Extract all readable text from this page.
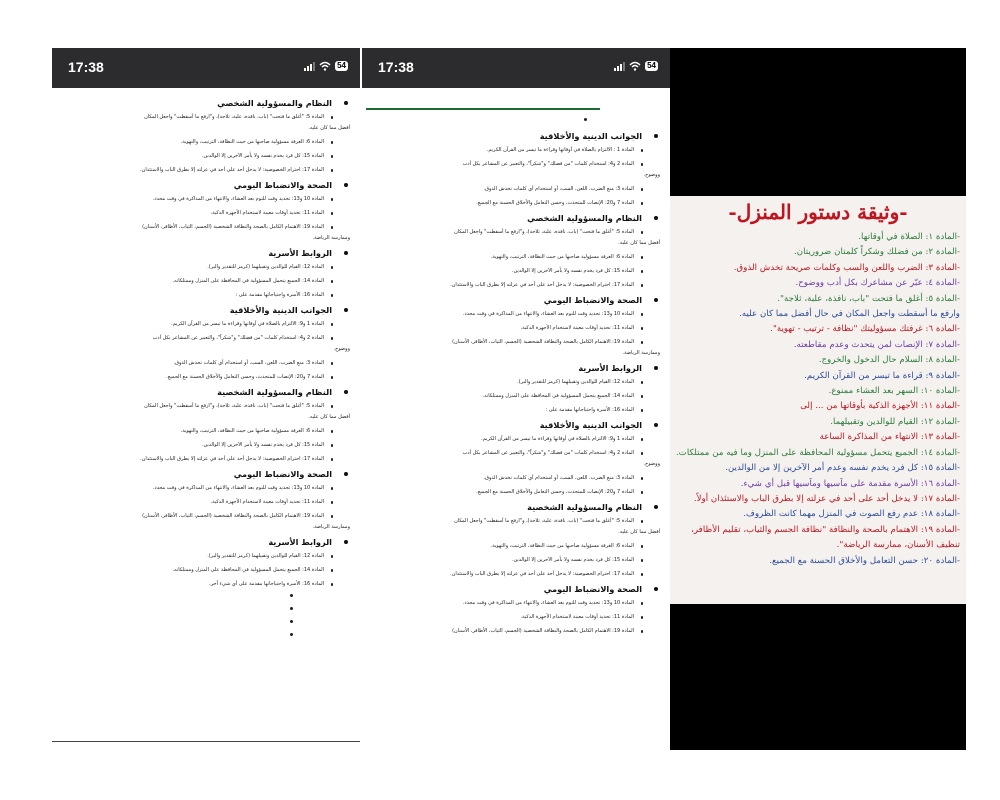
17:38	54
النظام والمسؤولية الشخصي
المادة 5: "أغلق ما فتحت" (باب، نافذة، علبة، ثلاجة)، و"ارفع ما أسقطت" واجعل المكان
أفضل مما كان عليه.
المادة 6: الغرفة مسؤولية صاحبها من حيث النظافة، الترتيب، والتهوية.
المادة 15: كل فرد يخدم نفسه ولا يأمر الآخرين إلا الوالدين.
المادة 17: احترام الخصوصية: لا يدخل أحد على أحد في عزلته إلا بطرق الباب والاستئذان.
الصحة والانضباط اليومي
المادة 10 و13: تحديد وقت للنوم بعد العشاء، والانتهاء من المذاكرة في وقت محدد.
المادة 11: تحديد أوقات معينة لاستخدام الأجهزة الذكية.
المادة 19: الاهتمام الكامل بالصحة والنظافة الشخصية (الجسم، الثياب، الأظافر، الأسنان)
وممارسة الرياضة.
الروابط الأسرية
المادة 12: القيام للوالدين وتقبيلهما (كرمز للتقدير والبر).
المادة 14: الجميع يتحمل المسؤولية في المحافظة على المنزل وممتلكاته.
المادة 16: الأسرة واحتياجاتها مقدمة على :
الجوانب الدينية والأخلاقية
المادة 1 و9: الالتزام بالصلاة في أوقاتها وقراءة ما تيسر من القرآن الكريم.
المادة 2 و4: استخدام كلمات "من فضلك" و"شكراً"، والتعبير عن المشاعر بكل أدب
ووضوح.
المادة 3: منع الضرب، اللعن، السب، أو استخدام أي كلمات تخدش الذوق.
المادة 7 و20: الإنصات للمتحدث، وحسن التعامل والأخلاق الحسنة مع الجميع.
النظام والمسؤولية الشخصية
المادة 5: "أغلق ما فتحت" (باب، نافذة، علبة، ثلاجة)، و"ارفع ما أسقطت" واجعل المكان
أفضل مما كان عليه.
المادة 6: الغرفة مسؤولية صاحبها من حيث النظافة، الترتيب، والتهوية.
المادة 15: كل فرد يخدم نفسه ولا يأمر الآخرين إلا الوالدين.
المادة 17: احترام الخصوصية: لا يدخل أحد على أحد في عزلته إلا بطرق الباب والاستئذان.
الصحة والانضباط اليومي
المادة 10 و13: تحديد وقت للنوم بعد العشاء، والانتهاء من المذاكرة في وقت محدد.
المادة 11: تحديد أوقات معينة لاستخدام الأجهزة الذكية.
المادة 19: الاهتمام الكامل بالصحة والنظافة الشخصية (الجسم، الثياب، الأظافر، الأسنان)
وممارسة الرياضة.
الروابط الأسرية
المادة 12: القيام للوالدين وتقبيلهما (كرمز للتقدير والبر).
المادة 14: الجميع يتحمل المسؤولية في المحافظة على المنزل وممتلكاته.
المادة 16: الأسرة واحتياجاتها مقدمة على أي شيء آخر.
17:38	54
الجوانب الدينية والأخلاقية
المادة 1 : الالتزام بالصلاة في أوقاتها وقراءة ما تيسر من القرآن الكريم.
المادة 2 و4: استخدام كلمات "من فضلك" و"شكراً"، والتعبير عن المشاعر بكل أدب
ووضوح.
المادة 3: منع الضرب، اللعن، السب، أو استخدام أي كلمات تخدش الذوق.
المادة 7 و20: الإنصات للمتحدث، وحسن التعامل والأخلاق الحسنة مع الجميع.
النظام والمسؤولية الشخصي
المادة 5: "أغلق ما فتحت" (باب، نافذة، علبة، ثلاجة)، و"ارفع ما أسقطت" واجعل المكان
أفضل مما كان عليه.
المادة 6: الغرفة مسؤولية صاحبها من حيث النظافة، الترتيب، والتهوية.
المادة 15: كل فرد يخدم نفسه ولا يأمر الآخرين إلا الوالدين.
المادة 17: احترام الخصوصية: لا يدخل أحد على أحد في عزلته إلا بطرق الباب والاستئذان.
الصحة والانضباط اليومي
المادة 10 و13: تحديد وقت للنوم بعد العشاء، والانتهاء من المذاكرة في وقت محدد.
المادة 11: تحديد أوقات معينة لاستخدام الأجهزة الذكية.
المادة 19: الاهتمام الكامل بالصحة والنظافة الشخصية (الجسم، الثياب، الأظافر، الأسنان)
وممارسة الرياضة.
الروابط الأسرية
المادة 12: القيام للوالدين وتقبيلهما (كرمز للتقدير والبر).
المادة 14: الجميع يتحمل المسؤولية في المحافظة على المنزل وممتلكاته.
المادة 16: الأسرة واحتياجاتها مقدمة على :
الجوانب الدينية والأخلاقية
المادة 1 و9: الالتزام بالصلاة في أوقاتها وقراءة ما تيسر من القرآن الكريم.
المادة 2 و4: استخدام كلمات "من فضلك" و"شكراً"، والتعبير عن المشاعر بكل أدب
ووضوح.
المادة 3: منع الضرب، اللعن، السب، أو استخدام أي كلمات تخدش الذوق.
المادة 7 و20: الإنصات للمتحدث، وحسن التعامل والأخلاق الحسنة مع الجميع.
النظام والمسؤولية الشخصية
المادة 5: "أغلق ما فتحت" (باب، نافذة، علبة، ثلاجة)، و"ارفع ما أسقطت" واجعل المكان
أفضل مما كان عليه.
المادة 6: الغرفة مسؤولية صاحبها من حيث النظافة، الترتيب، والتهوية.
المادة 15: كل فرد يخدم نفسه ولا يأمر الآخرين إلا الوالدين.
المادة 17: احترام الخصوصية: لا يدخل أحد على أحد في عزلته إلا بطرق الباب والاستئذان.
الصحة والانضباط اليومي
المادة 10 و13: تحديد وقت للنوم بعد العشاء، والانتهاء من المذاكرة في وقت محدد.
المادة 11: تحديد أوقات معينة لاستخدام الأجهزة الذكية.
المادة 19: الاهتمام الكامل بالصحة والنظافة الشخصية (الجسم، الثياب، الأظافر، الأسنان)
-وثيقة دستور المنزل-
-المادة ١: الصلاة في أوقاتها.
-المادة ٢: من فضلك وشكراً كلمتان ضروريتان.
-المادة ٣: الضرب واللعن والسب وكلمات صريحة تخدش الذوق.
-المادة ٤: عبّر عن مشاعرك بكل أدب ووضوح.
-المادة ٥: أغلق ما فتحت "باب، نافذة، علبة، ثلاجة".
وارفع ما أسقطت واجعل المكان في حال أفضل مما كان عليه.
-المادة ٦: غرفتك مسؤوليتك "نظافة - ترتيب - تهوية".
-المادة ٧: الإنصات لمن يتحدث وعدم مقاطعته.
-المادة ٨: السلام حال الدخول والخروج.
-المادة ٩: قراءة ما تيسر من القرآن الكريم.
-المادة ١٠: السهر بعد العشاء ممنوع.
-المادة ١١: الأجهزة الذكية بأوقاتها من ... إلى
-المادة ١٢: القيام للوالدين وتقبيلهما.
-المادة ١٣: الانتهاء من المذاكرة الساعة
-المادة ١٤: الجميع يتحمل مسؤولية المحافظة على المنزل وما فيه من ممتلكات.
-المادة ١٥: كل فرد يخدم نفسه وعدم أمر الآخرين إلا من الوالدين.
-المادة ١٦: الأسرة مقدمة على مآسيها ومآسيها قبل أي شيء.
-المادة ١٧: لا يدخل أحد على أحد في عزلته إلا بطرق الباب والاستئذان أولاً.
-المادة ١٨: عدم رفع الصوت في المنزل مهما كانت الظروف.
-المادة ١٩: الاهتمام بالصحة والنظافة "نظافة الجسم والثياب، تقليم الأظافر،
تنظيف الأسنان، ممارسة الرياضة".
-المادة ٢٠: حسن التعامل والأخلاق الحسنة مع الجميع.
